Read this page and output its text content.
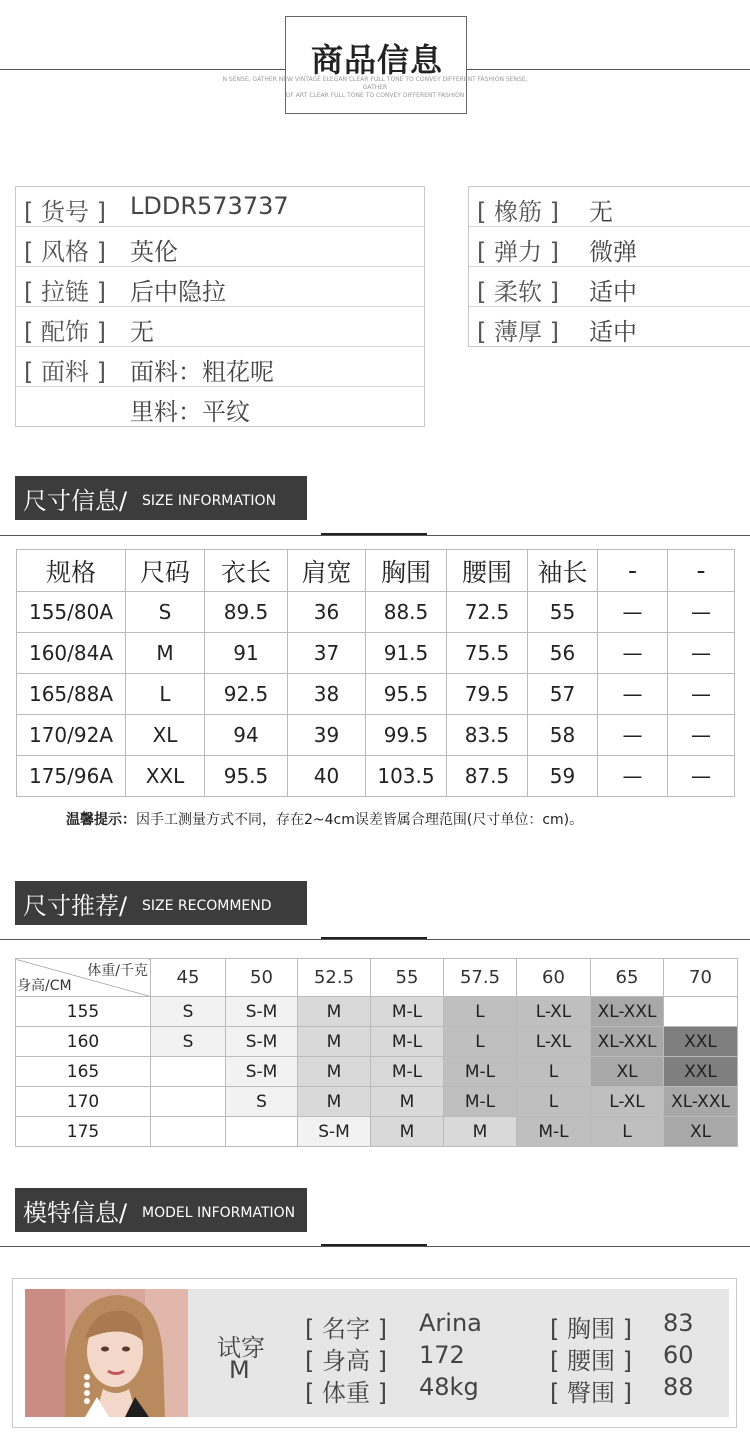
商品信息
N SENSE, GATHER NEW VINTAGE ELEGAN CLEAR FULL TONE TO CONVEY DIFFERENT FASHION SENSE, GATHER
OF ART CLEAR FULL TONE TO CONVEY DIFFERENT FASHION
[ 货号 ] LDDR573737
[ 风格 ] 英伦
[ 拉链 ] 后中隐拉
[ 配饰 ] 无
[ 面料 ] 面料：粗花呢
里料：平纹
[ 橡筋 ] 无
[ 弹力 ] 微弹
[ 柔软 ] 适中
[ 薄厚 ] 适中
尺寸信息/ SIZE INFORMATION
规格	尺码	衣长	肩宽	胸围	腰围	袖长	-	-
155/80A	S	89.5	36	88.5	72.5	55	—	—
160/84A	M	91	37	91.5	75.5	56	—	—
165/88A	L	92.5	38	95.5	79.5	57	—	—
170/92A	XL	94	39	99.5	83.5	58	—	—
175/96A	XXL	95.5	40	103.5	87.5	59	—	—
温馨提示：因手工测量方式不同，存在2~4cm误差皆属合理范围(尺寸单位：cm)。
尺寸推荐/ SIZE RECOMMEND
体重/千克
身高/CM	45	50	52.5	55	57.5	60	65	70
155	S	S-M	M	M-L	L	L-XL	XL-XXL	
160	S	S-M	M	M-L	L	L-XL	XL-XXL	XXL
165		S-M	M	M-L	M-L	L	XL	XXL
170		S	M	M	M-L	L	L-XL	XL-XXL
175			S-M	M	M	M-L	L	XL
模特信息/ MODEL INFORMATION
试穿
M
[ 名字 ] Arina
[ 身高 ] 172
[ 体重 ] 48kg
[ 胸围 ] 83
[ 腰围 ] 60
[ 臀围 ] 88
